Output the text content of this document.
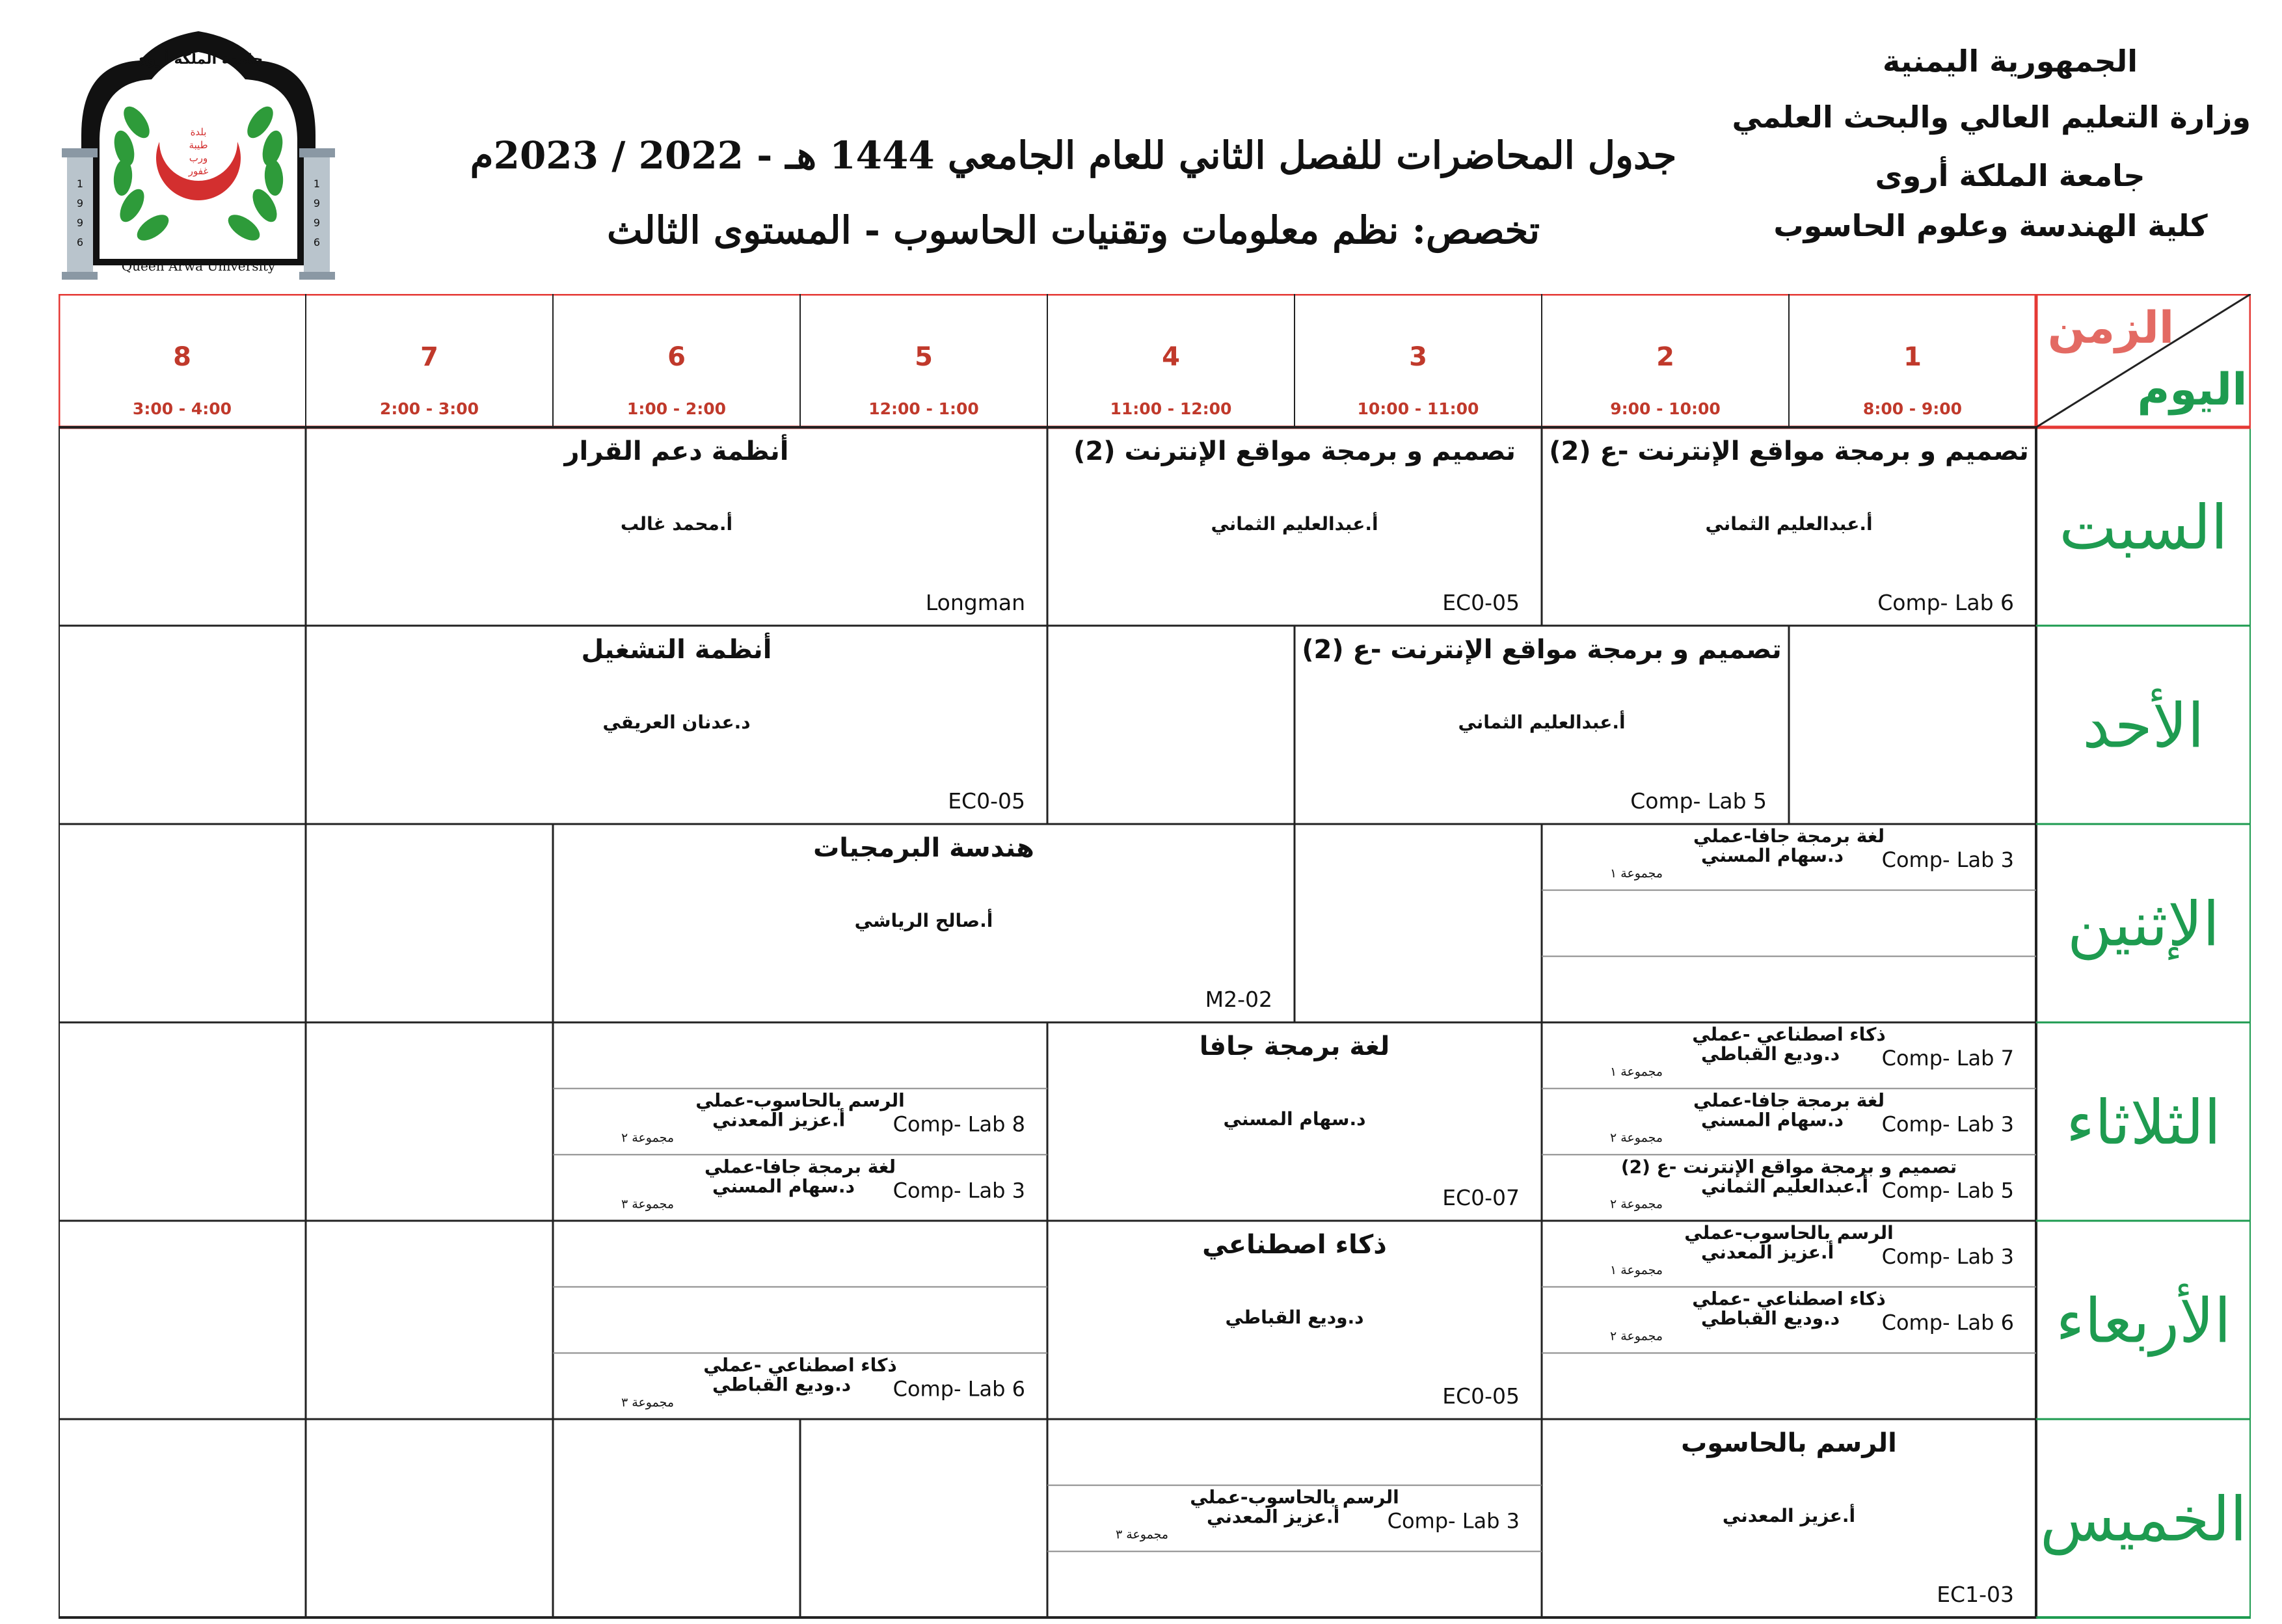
الجمهورية اليمنية
وزارة التعليم العالي والبحث العلمي
جامعة الملكة أروى
كلية الهندسة وعلوم الحاسوب
جدول المحاضرات للفصل الثاني للعام الجامعي 1444 هـ - 2022 / 2023م
تخصص: نظم معلومات وتقنيات الحاسوب - المستوى الثالث
جامعة الملكة أروى
بلدة
طيبة
ورب
غفور
1
9
9
6
1
9
9
6
Queen Arwa University
1
8:00 - 9:00
2
9:00 - 10:00
3
10:00 - 11:00
4
11:00 - 12:00
5
12:00 - 1:00
6
1:00 - 2:00
7
2:00 - 3:00
8
3:00 - 4:00
الزمن
اليوم
السبت
تصميم و برمجة مواقع الإنترنت -ع (2)
أ.عبدالعليم الثماني
Comp- Lab 6
تصميم و برمجة مواقع الإنترنت (2)
أ.عبدالعليم الثماني
EC0-05
أنظمة دعم القرار
أ.محمد غالب
Longman
الأحد
تصميم و برمجة مواقع الإنترنت -ع (2)
أ.عبدالعليم الثماني
Comp- Lab 5
أنظمة التشغيل
د.عدنان العريقي
EC0-05
الإثنين
لغة برمجة جافا-عملي
د.سهام المسني
مجموعة ١
Comp- Lab 3
هندسة البرمجيات
أ.صالح الرياشي
M2-02
الثلاثاء
ذكاء اصطناعي -عملي
د.وديع القباطي
مجموعة ١
Comp- Lab 7
لغة برمجة جافا-عملي
د.سهام المسني
مجموعة ٢
Comp- Lab 3
تصميم و برمجة مواقع الإنترنت -ع (2)
أ.عبدالعليم الثماني
مجموعة ٢
Comp- Lab 5
لغة برمجة جافا
د.سهام المسني
EC0-07
الرسم بالحاسوب-عملي
أ.عزيز المعدني
مجموعة ٢
Comp- Lab 8
لغة برمجة جافا-عملي
د.سهام المسني
مجموعة ٣
Comp- Lab 3
الأربعاء
الرسم بالحاسوب-عملي
أ.عزيز المعدني
مجموعة ١
Comp- Lab 3
ذكاء اصطناعي -عملي
د.وديع القباطي
مجموعة ٢
Comp- Lab 6
ذكاء اصطناعي
د.وديع القباطي
EC0-05
ذكاء اصطناعي -عملي
د.وديع القباطي
مجموعة ٣
Comp- Lab 6
الخميس
الرسم بالحاسوب
أ.عزيز المعدني
EC1-03
الرسم بالحاسوب-عملي
أ.عزيز المعدني
مجموعة ٣
Comp- Lab 3
